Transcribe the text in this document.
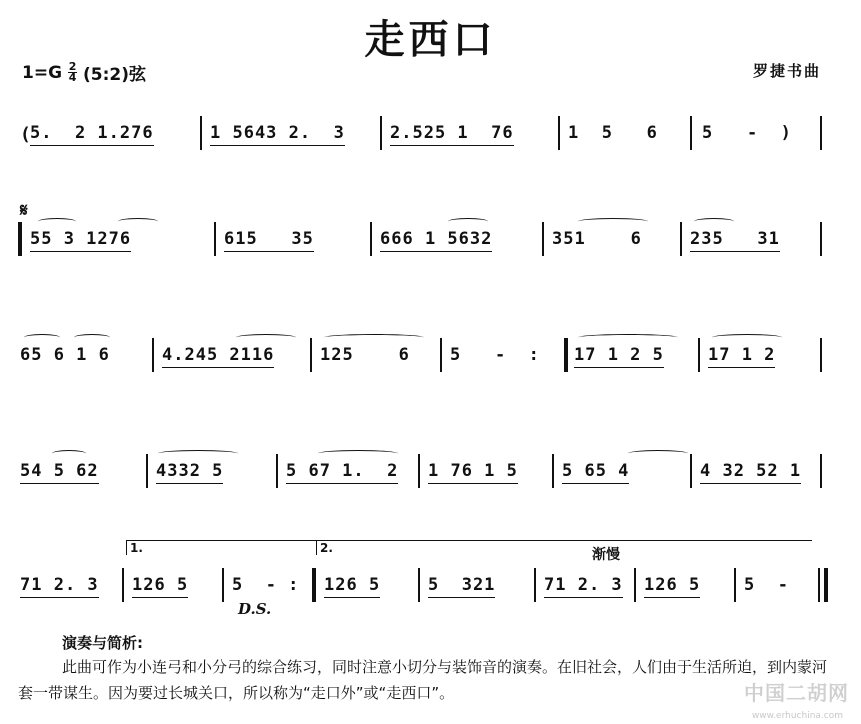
走西口
$1=G \frac{2}{4}$ (5:2)弦	罗捷书曲
( 5.  2 1.276	1 5643 2.  3	2.525 1  76	1  5   6	5   -  )
𝄋
55 3 1276	615   35	666 1 5632	351    6	235   31
65 6 1 6	4.245 2116	125    6 5   -  : 17 1 2 5	17 1 2
54 5 62	4332 5	5 67 1.  2 1 76 1 5	5 65 4	4 32 52 1
1.	2.	渐慢
71 2. 3 126 5	5  - : 126 5	5  321	71 2. 3 126 5	5  -
D.S.
演奏与简析:
此曲可作为小连弓和小分弓的综合练习，同时注意小切分与装饰音的演奏。在旧社会，人们由于生活所迫，到内蒙河套一带谋生。因为要过长城关口，所以称为“走口外”或“走西口”。	中国二胡网
www.erhuchina.com
